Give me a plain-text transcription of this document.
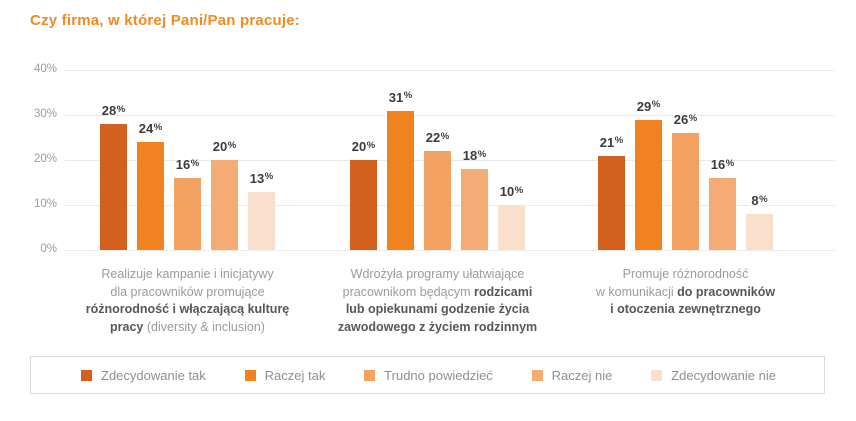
Czy firma, w której Pani/Pan pracuje:
40%
30%
20%
10%
0%
28%
24%
16%
20%
13%
20%
31%
22%
18%
10%
21%
29%
26%
16%
8%
Realizuje kampanie i inicjatywy
dla pracowników promujące
różnorodność i włączającą kulturę
pracy (diversity & inclusion)
Wdrożyła programy ułatwiające
pracownikom będącym rodzicami
lub opiekunami godzenie życia
zawodowego z życiem rodzinnym
Promuje różnorodność
w komunikacji do pracowników
i otoczenia zewnętrznego
Zdecydowanie tak	Raczej tak	Trudno powiedzieć	Raczej nie	Zdecydowanie nie
